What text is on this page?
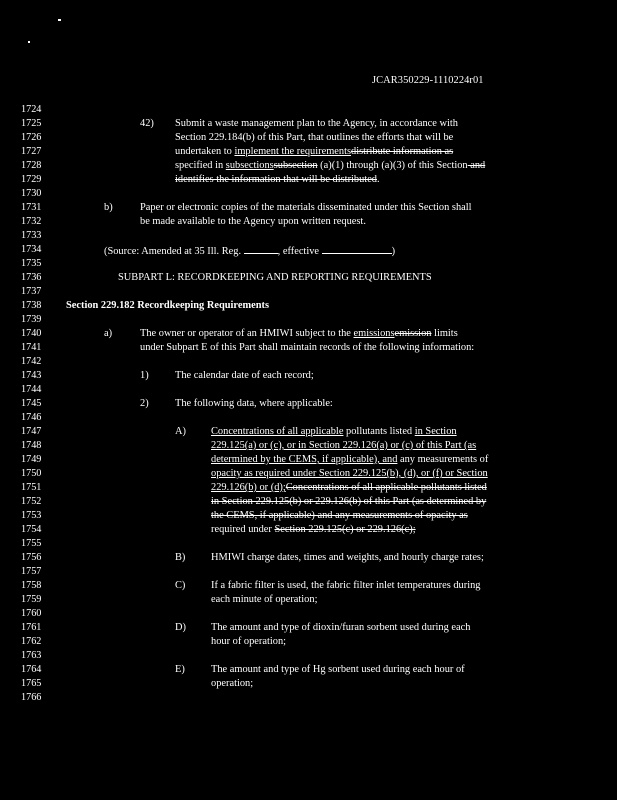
JCAR350229-1110224r01
1724
1725
1726
1727
1728
1729
1730
1731
1732
1733
1734
1735
1736
1737
1738
1739
1740
1741
1742
1743
1744
1745
1746
1747
1748
1749
1750
1751
1752
1753
1754
1755
1756
1757
1758
1759
1760
1761
1762
1763
1764
1765
1766
42) Submit a waste management plan to the Agency, in accordance with
Section 229.184(b) of this Part, that outlines the efforts that will be
undertaken to implement the requirementsdistribute information as
specified in subsectionssubsection (a)(1) through (a)(3) of this Section and
identifies the information that will be distributed.
b)	Paper or electronic copies of the materials disseminated under this Section shall
be made available to the Agency upon written request.
(Source: Amended at 35 Ill. Reg.	, effective	)
SUBPART L: RECORDKEEPING AND REPORTING REQUIREMENTS
Section 229.182 Recordkeeping Requirements
a)	The owner or operator of an HMIWI subject to the emissionsemission limits
under Subpart E of this Part shall maintain records of the following information:
1)	The calendar date of each record;
2)	The following data, where applicable:
A) Concentrations of all applicable pollutants listed in Section
229.125(a) or (c), or in Section 229.126(a) or (c) of this Part (as
determined by the CEMS, if applicable), and any measurements of
opacity as required under Section 229.125(b), (d), or (f) or Section
229.126(b) or (d);Concentrations of all applicable pollutants listed
in Section 229.125(b) or 229.126(b) of this Part (as determined by
the CEMS, if applicable) and any measurements of opacity as
required under Section 229.125(c) or 229.126(c);
B) HMIWI charge dates, times and weights, and hourly charge rates;
C) If a fabric filter is used, the fabric filter inlet temperatures during
each minute of operation;
D) The amount and type of dioxin/furan sorbent used during each
hour of operation;
E)	The amount and type of Hg sorbent used during each hour of
operation;
